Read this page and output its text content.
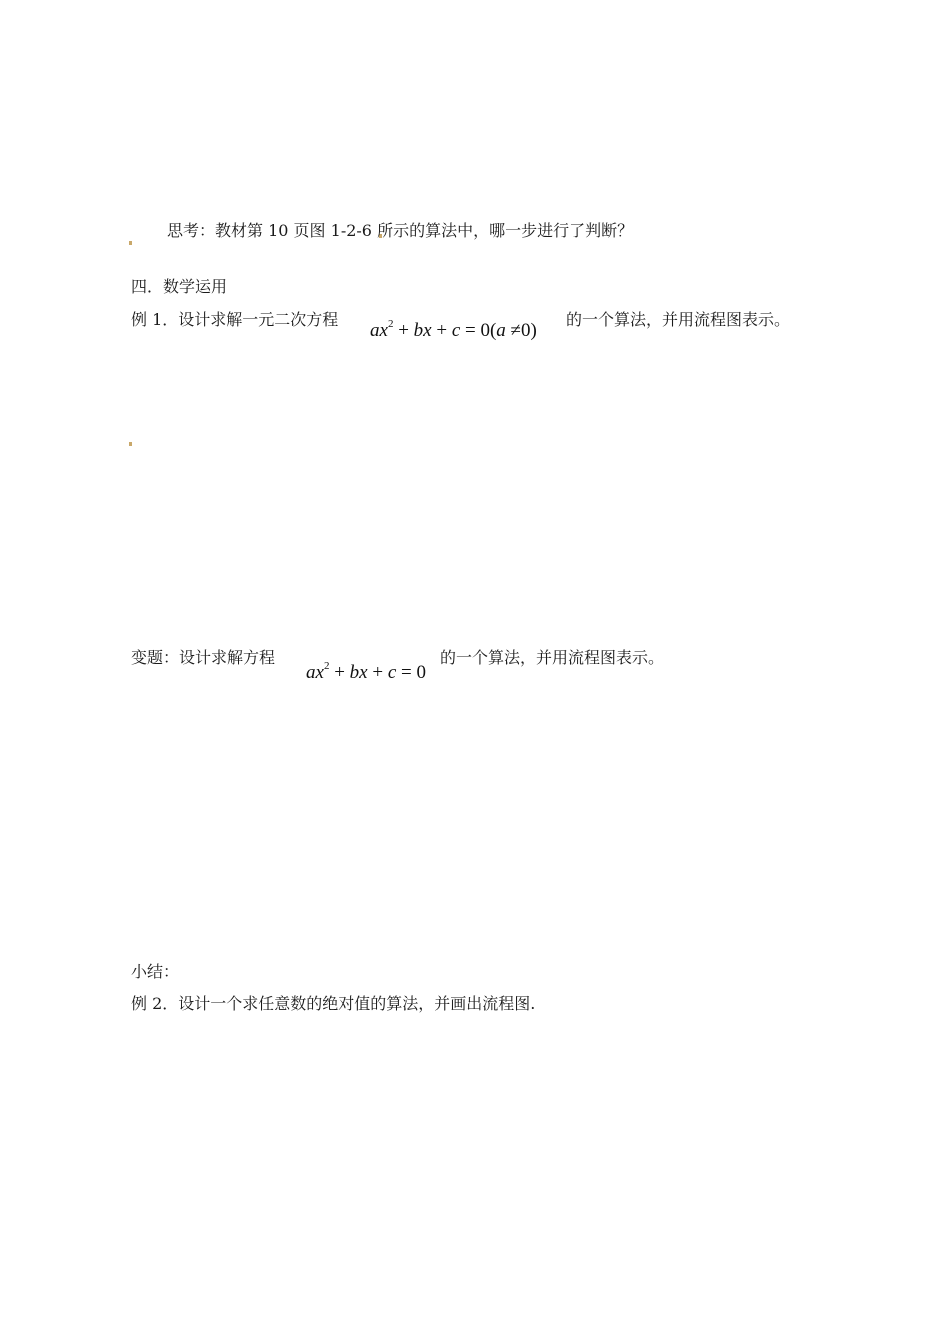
思考：教材第 10 页图 1-2-6 所示的算法中，哪一步进行了判断？
四．数学运用
例 1．设计求解一元二次方程
$ax^2$ + bx + c = 0(a ≠0)
的一个算法，并用流程图表示。
变题：设计求解方程
$ax^2$ + bx + c = 0
的一个算法，并用流程图表示。
小结：
例 2．设计一个求任意数的绝对值的算法，并画出流程图.
